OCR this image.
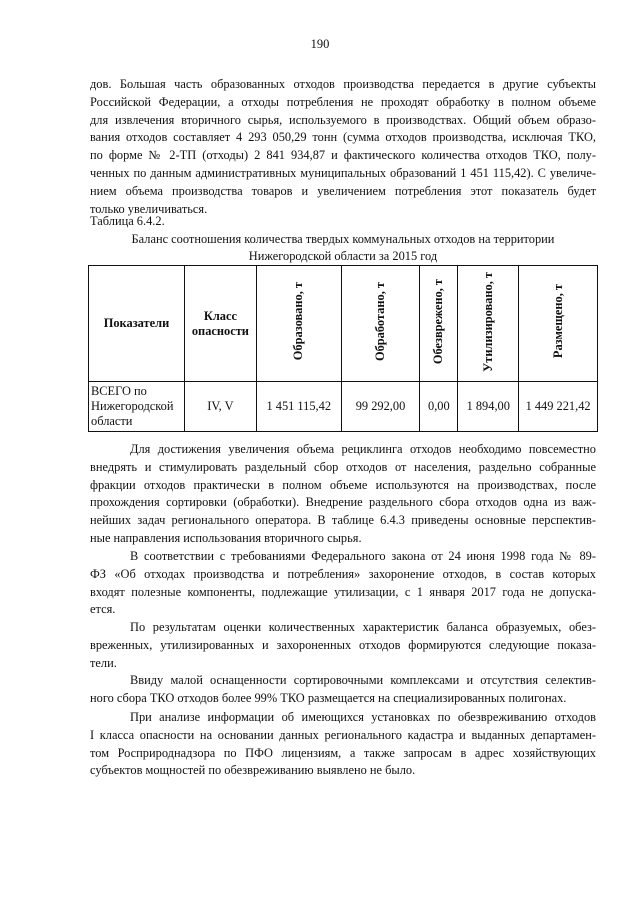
190
дов. Большая часть образованных отходов производства передается в другие субъекты
Российской Федерации, а отходы потребления не проходят обработку в полном объеме
для извлечения вторичного сырья, используемого в производствах. Общий объем образо-
вания отходов составляет 4 293 050,29 тонн (сумма отходов производства, исключая ТКО,
по форме № 2-ТП (отходы) 2 841 934,87 и фактического количества отходов ТКО, полу-
ченных по данным административных муниципальных образований 1 451 115,42). С увеличе-
нием объема производства товаров и увеличением потребления этот показатель будет
только увеличиваться.
Таблица 6.4.2.
Баланс соотношения количества твердых коммунальных отходов на территории
Нижегородской области за 2015 год
Показатели	Класс опасности	Образовано, т	Обработано, т	Обезврежено, т	Утилизировано, т	Размещено, т
ВСЕГО по Нижегородской области	IV, V	1 451 115,42	99 292,00	0,00	1 894,00	1 449 221,42
Для достижения увеличения объема рециклинга отходов необходимо повсеместно
внедрять и стимулировать раздельный сбор отходов от населения, раздельно собранные
фракции отходов практически в полном объеме используются на производствах, после
прохождения сортировки (обработки). Внедрение раздельного сбора отходов одна из важ-
нейших задач регионального оператора. В таблице 6.4.3 приведены основные перспектив-
ные направления использования вторичного сырья.
В соответствии с требованиями Федерального закона от 24 июня 1998 года № 89-
ФЗ «Об отходах производства и потребления» захоронение отходов, в состав которых
входят полезные компоненты, подлежащие утилизации, с 1 января 2017 года не допуска-
ется.
По результатам оценки количественных характеристик баланса образуемых, обез-
вреженных, утилизированных и захороненных отходов формируются следующие показа-
тели.
Ввиду малой оснащенности сортировочными комплексами и отсутствия селектив-
ного сбора ТКО отходов более 99% ТКО размещается на специализированных полигонах.
При анализе информации об имеющихся установках по обезвреживанию отходов
I класса опасности на основании данных регионального кадастра и выданных департамен-
том Росприроднадзора по ПФО лицензиям, а также запросам в адрес хозяйствующих
субъектов мощностей по обезвреживанию выявлено не было.
